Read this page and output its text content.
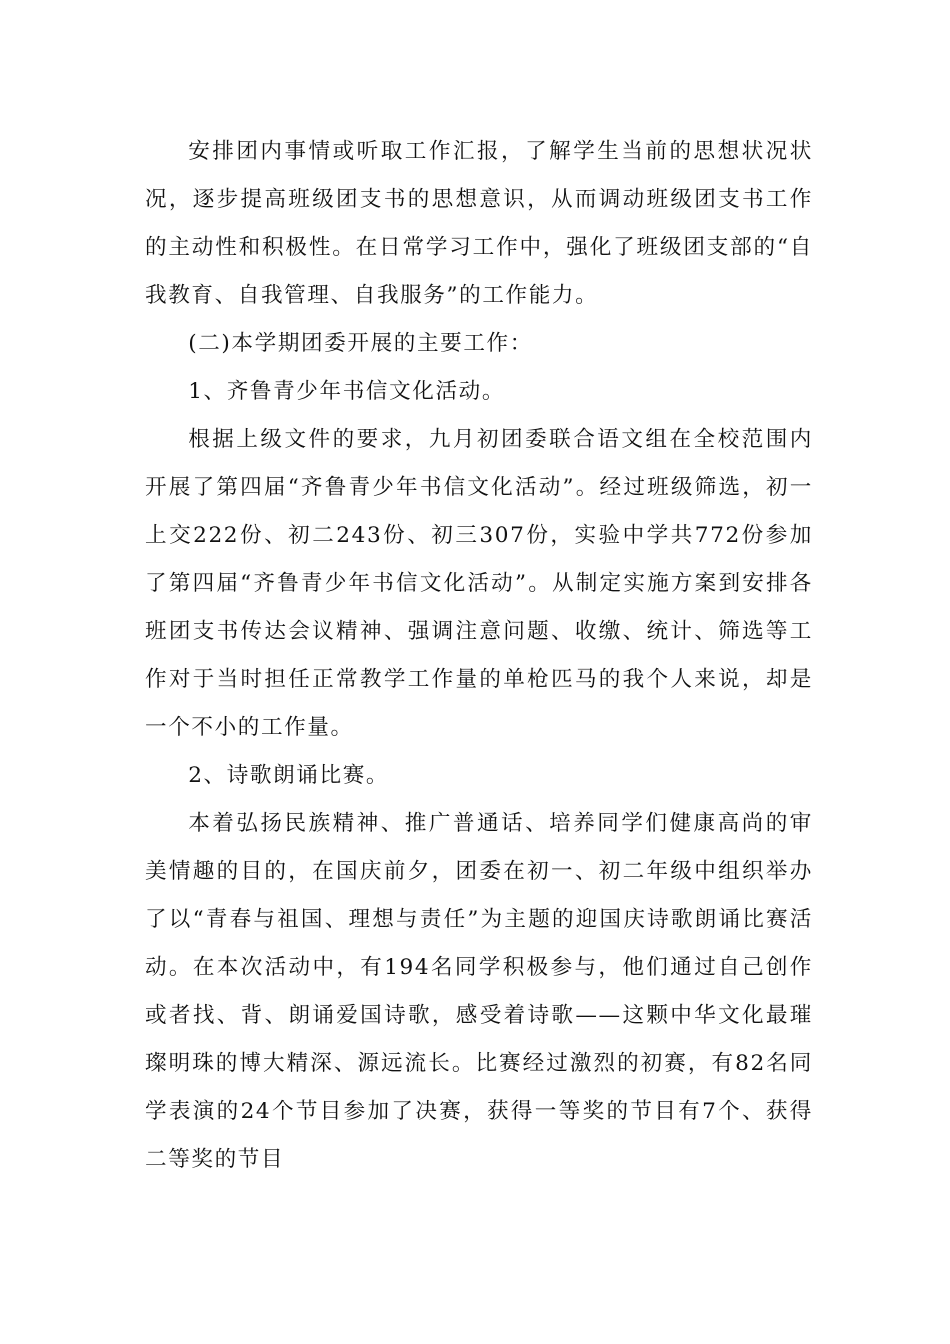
安排团内事情或听取工作汇报，了解学生当前的思想状况状况，逐步提高班级团支书的思想意识，从而调动班级团支书工作的主动性和积极性。在日常学习工作中，强化了班级团支部的“自我教育、自我管理、自我服务”的工作能力。

(二)本学期团委开展的主要工作：

1、齐鲁青少年书信文化活动。

根据上级文件的要求，九月初团委联合语文组在全校范围内开展了第四届“齐鲁青少年书信文化活动”。经过班级筛选，初一上交222份、初二243份、初三307份，实验中学共772份参加了第四届“齐鲁青少年书信文化活动”。从制定实施方案到安排各班团支书传达会议精神、强调注意问题、收缴、统计、筛选等工作对于当时担任正常教学工作量的单枪匹马的我个人来说，却是一个不小的工作量。

2、诗歌朗诵比赛。

本着弘扬民族精神、推广普通话、培养同学们健康高尚的审美情趣的目的，在国庆前夕，团委在初一、初二年级中组织举办了以“青春与祖国、理想与责任”为主题的迎国庆诗歌朗诵比赛活动。在本次活动中，有194名同学积极参与，他们通过自己创作或者找、背、朗诵爱国诗歌，感受着诗歌——这颗中华文化最璀璨明珠的博大精深、源远流长。比赛经过激烈的初赛，有82名同学表演的24个节目参加了决赛，获得一等奖的节目有7个、获得二等奖的节目
